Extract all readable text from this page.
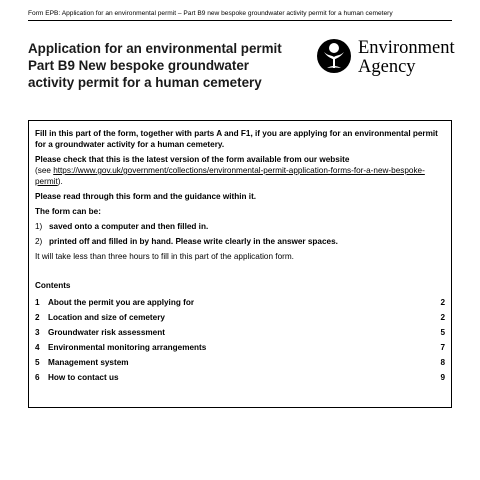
Form EPB: Application for an environmental permit – Part B9 new bespoke groundwater activity permit for a human cemetery
Application for an environmental permit
Part B9 New bespoke groundwater
activity permit for a human cemetery
Environment
Agency

Fill in this part of the form, together with parts A and F1, if you are applying for an environmental permit for a groundwater activity for a human cemetery.

Please check that this is the latest version of the form available from our website

(see https://www.gov.uk/government/collections/environmental-permit-application-forms-for-a-new-bespoke-permit).

Please read through this form and the guidance within it.

The form can be:

1) saved onto a computer and then filled in.
2) printed off and filled in by hand. Please write clearly in the answer spaces.

It will take less than three hours to fill in this part of the application form.

Contents

1	About the permit you are applying for	2
2	Location and size of cemetery	2
3	Groundwater risk assessment	5
4	Environmental monitoring arrangements	7
5	Management system	8
6	How to contact us	9
